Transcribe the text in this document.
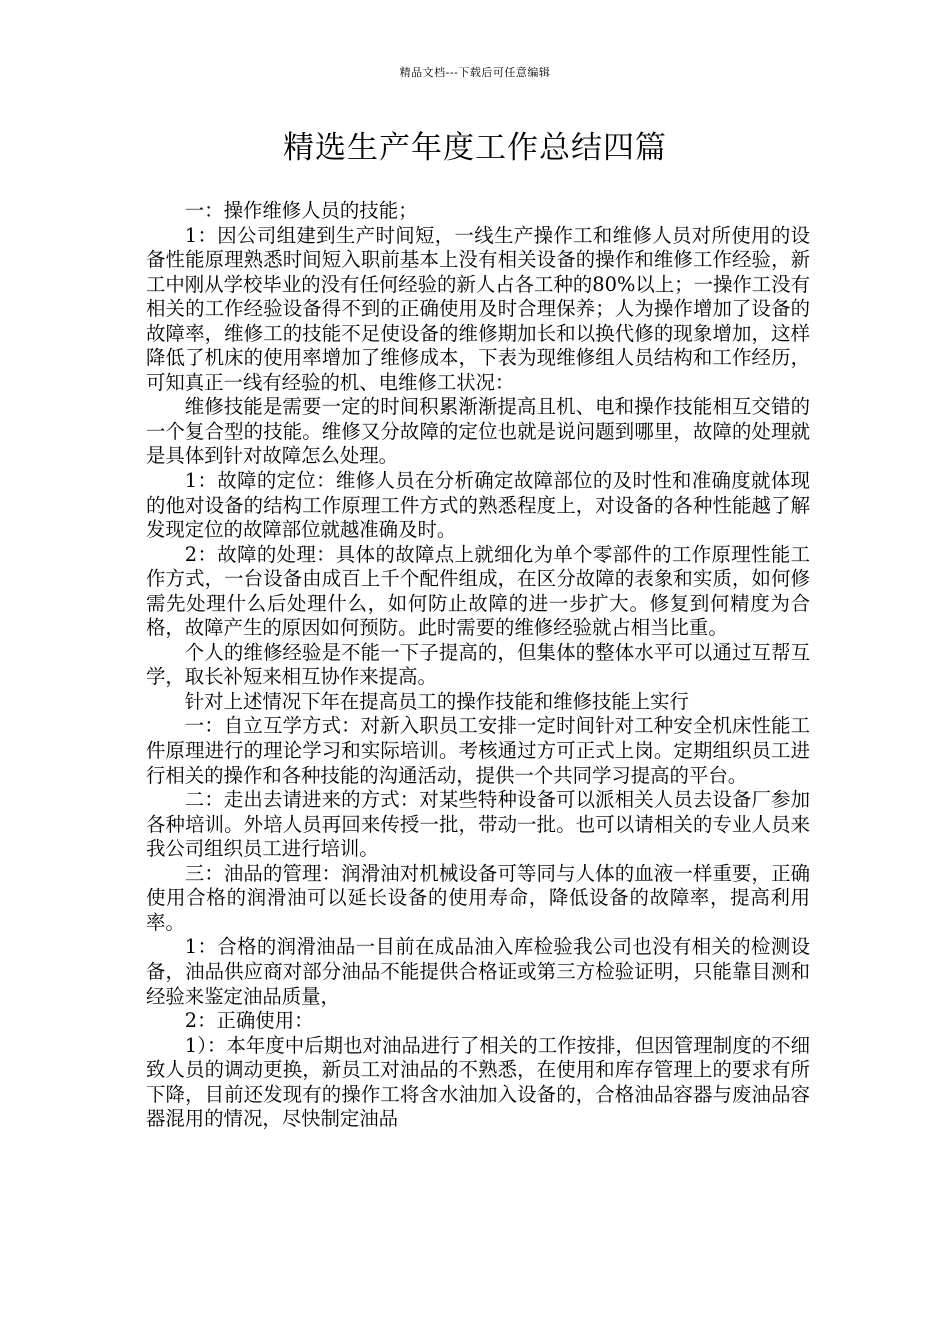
精品文档---下载后可任意编辑
精选生产年度工作总结四篇

一：操作维修人员的技能；

1：因公司组建到生产时间短，一线生产操作工和维修人员对所使用的设备性能原理熟悉时间短入职前基本上没有相关设备的操作和维修工作经验，新工中刚从学校毕业的没有任何经验的新人占各工种的80%以上；一操作工没有相关的工作经验设备得不到的正确使用及时合理保养；人为操作增加了设备的故障率，维修工的技能不足使设备的维修期加长和以换代修的现象增加，这样降低了机床的使用率增加了维修成本，下表为现维修组人员结构和工作经历，可知真正一线有经验的机、电维修工状况：

维修技能是需要一定的时间积累渐渐提高且机、电和操作技能相互交错的一个复合型的技能。维修又分故障的定位也就是说问题到哪里，故障的处理就是具体到针对故障怎么处理。

1：故障的定位：维修人员在分析确定故障部位的及时性和准确度就体现的他对设备的结构工作原理工件方式的熟悉程度上，对设备的各种性能越了解发现定位的故障部位就越准确及时。

2：故障的处理：具体的故障点上就细化为单个零部件的工作原理性能工作方式，一台设备由成百上千个配件组成，在区分故障的表象和实质，如何修需先处理什么后处理什么，如何防止故障的进一步扩大。修复到何精度为合格，故障产生的原因如何预防。此时需要的维修经验就占相当比重。

个人的维修经验是不能一下子提高的，但集体的整体水平可以通过互帮互学，取长补短来相互协作来提高。

针对上述情况下年在提高员工的操作技能和维修技能上实行

一：自立互学方式：对新入职员工安排一定时间针对工种安全机床性能工件原理进行的理论学习和实际培训。考核通过方可正式上岗。定期组织员工进行相关的操作和各种技能的沟通活动，提供一个共同学习提高的平台。

二：走出去请进来的方式：对某些特种设备可以派相关人员去设备厂参加各种培训。外培人员再回来传授一批，带动一批。也可以请相关的专业人员来我公司组织员工进行培训。

三：油品的管理：润滑油对机械设备可等同与人体的血液一样重要，正确使用合格的润滑油可以延长设备的使用寿命，降低设备的故障率，提高利用率。

1：合格的润滑油品一目前在成品油入库检验我公司也没有相关的检测设备，油品供应商对部分油品不能提供合格证或第三方检验证明，只能靠目测和经验来鉴定油品质量，

2：正确使用：

1）：本年度中后期也对油品进行了相关的工作按排，但因管理制度的不细致人员的调动更换，新员工对油品的不熟悉，在使用和库存管理上的要求有所下降，目前还发现有的操作工将含水油加入设备的，合格油品容器与废油品容器混用的情况，尽快制定油品
